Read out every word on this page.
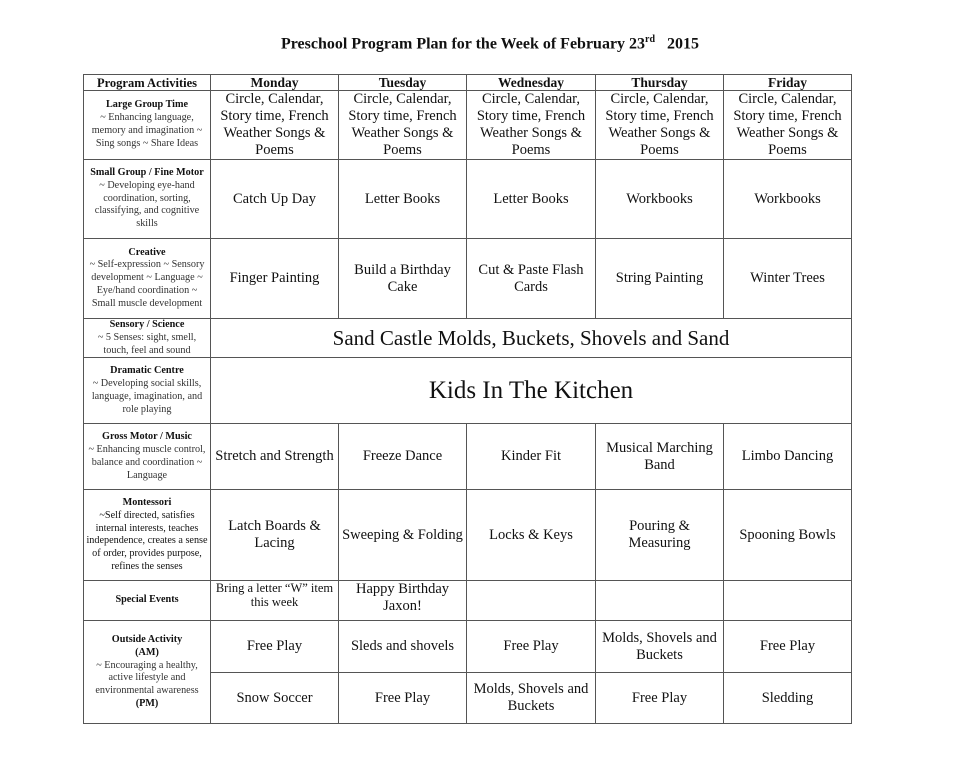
Preschool Program Plan for the Week of February 23rd 2015
Program Activities	Monday	Tuesday	Wednesday	Thursday	Friday

Large Group Time
~ Enhancing language, memory and imagination ~ Sing songs ~ Share Ideas	Circle, Calendar, Story time, French Weather Songs & Poems	Circle, Calendar, Story time, French Weather Songs & Poems	Circle, Calendar, Story time, French Weather Songs & Poems	Circle, Calendar, Story time, French Weather Songs & Poems	Circle, Calendar, Story time, French Weather Songs & Poems

Small Group / Fine Motor
~ Developing eye-hand coordination, sorting, classifying, and cognitive skills	Catch Up Day	Letter Books	Letter Books	Workbooks	Workbooks

Creative
~ Self-expression ~ Sensory development ~ Language ~ Eye/hand coordination ~ Small muscle development	Finger Painting	Build a Birthday Cake	Cut & Paste Flash Cards	String Painting	Winter Trees

Sensory / Science
~ 5 Senses: sight, smell, touch, feel and sound	Sand Castle Molds, Buckets, Shovels and Sand				

Dramatic Centre
~ Developing social skills, language, imagination, and role playing	Kids In The Kitchen				

Gross Motor / Music
~ Enhancing muscle control, balance and coordination ~ Language	Stretch and Strength	Freeze Dance	Kinder Fit	Musical Marching Band	Limbo Dancing

Montessori
~Self directed, satisfies internal interests, teaches independence, creates a sense of order, provides purpose, refines the senses	Latch Boards & Lacing	Sweeping & Folding	Locks & Keys	Pouring & Measuring	Spooning Bowls

Special Events	Bring a letter “W” item this week	Happy Birthday Jaxon!			

Outside Activity
(AM)
~ Encouraging a healthy, active lifestyle and environmental awareness
(PM)	Free Play	Sleds and shovels	Free Play	Molds, Shovels and Buckets	Free Play
	Snow Soccer	Free Play	Molds, Shovels and Buckets	Free Play	Sledding
